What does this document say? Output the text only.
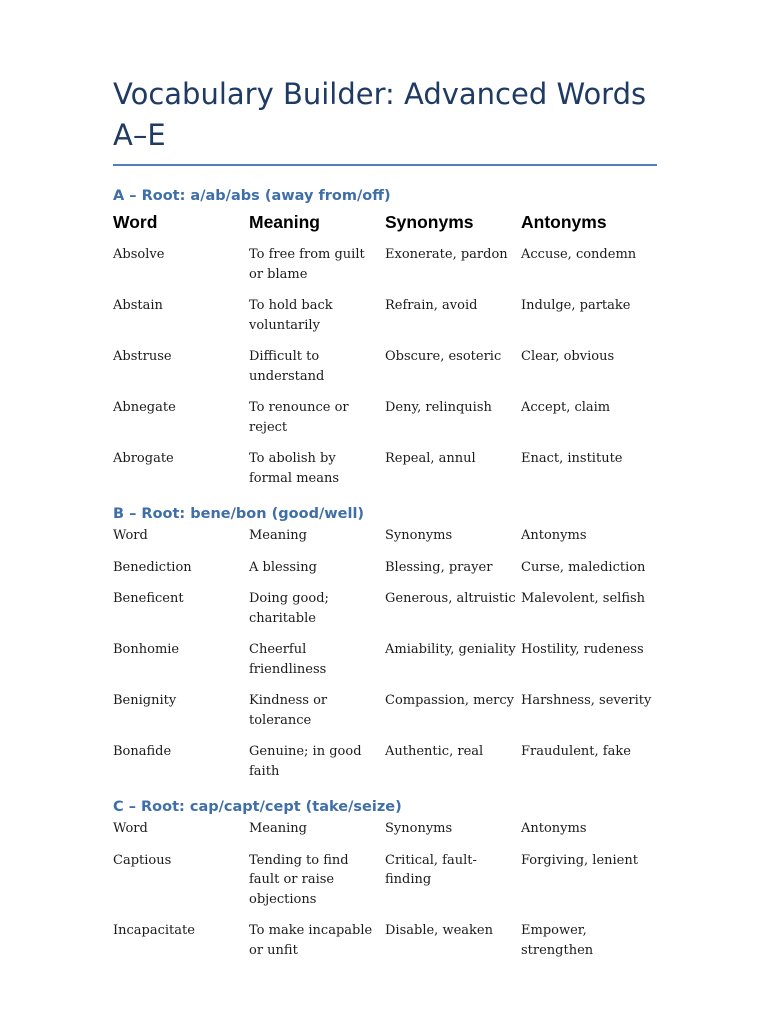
Vocabulary Builder: Advanced Words A–E
A – Root: a/ab/abs (away from/off)
Word	Meaning	Synonyms	Antonyms
Absolve	To free from guilt or blame	Exonerate, pardon	Accuse, condemn
Abstain	To hold back voluntarily	Refrain, avoid	Indulge, partake
Abstruse	Difficult to understand	Obscure, esoteric	Clear, obvious
Abnegate	To renounce or reject	Deny, relinquish	Accept, claim
Abrogate	To abolish by formal means	Repeal, annul	Enact, institute
B – Root: bene/bon (good/well)
Word	Meaning	Synonyms	Antonyms
Benediction	A blessing	Blessing, prayer	Curse, malediction
Beneficent	Doing good; charitable	Generous, altruistic	Malevolent, selfish
Bonhomie	Cheerful friendliness	Amiability, geniality	Hostility, rudeness
Benignity	Kindness or tolerance	Compassion, mercy	Harshness, severity
Bonafide	Genuine; in good faith	Authentic, real	Fraudulent, fake
C – Root: cap/capt/cept (take/seize)
Word	Meaning	Synonyms	Antonyms
Captious	Tending to find fault or raise objections	Critical, fault-finding	Forgiving, lenient
Incapacitate	To make incapable or unfit	Disable, weaken	Empower, strengthen
